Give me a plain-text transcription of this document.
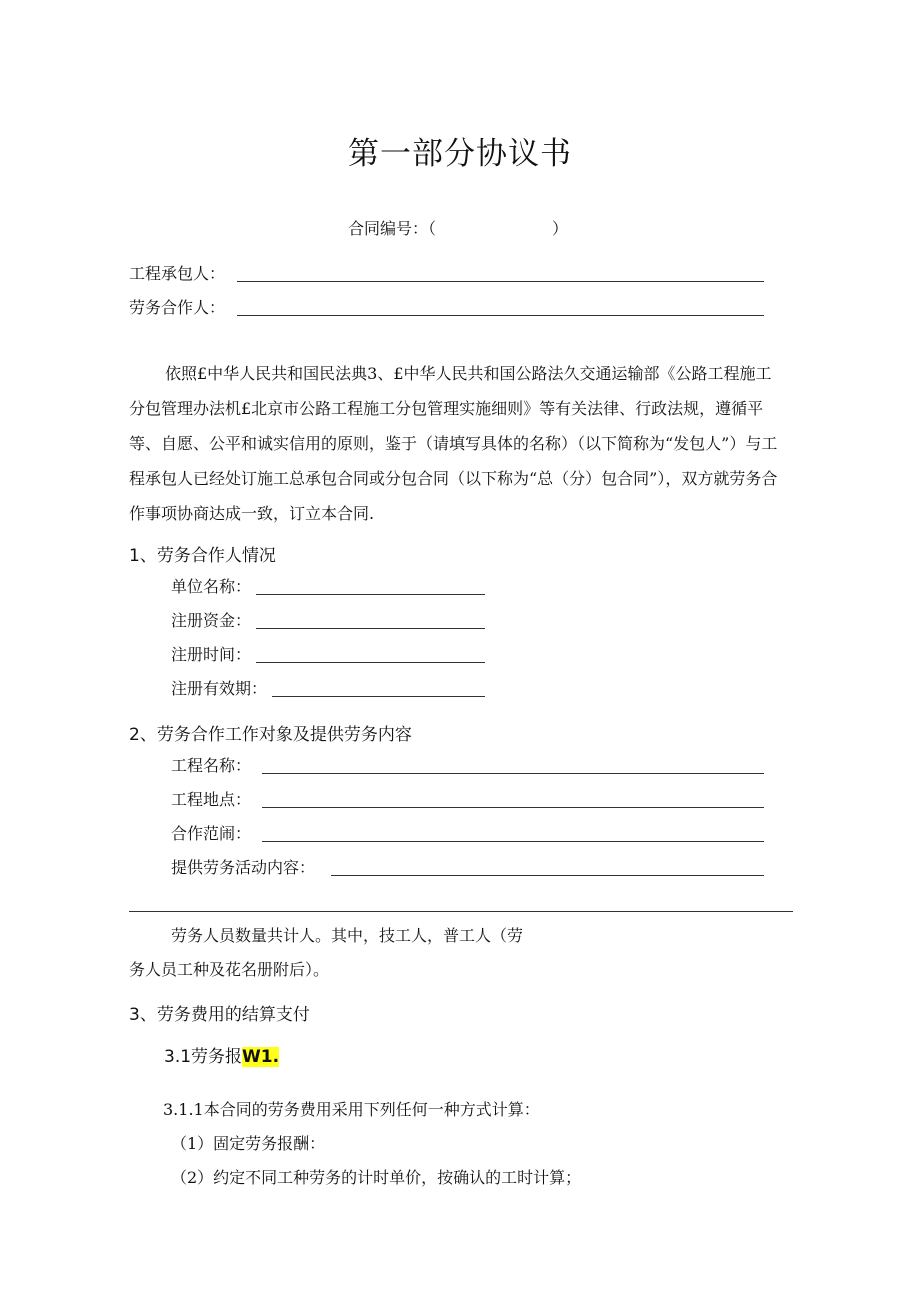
第一部分协议书
合同编号：（	）
工程承包人：
劳务合作人：
依照£中华人民共和国民法典3、£中华人民共和国公路法久交通运输部《公路工程施工分包管理办法机£北京市公路工程施工分包管理实施细则》等有关法律、行政法规，遵循平等、自愿、公平和诚实信用的原则，鉴于（请填写具体的名称）（以下简称为“发包人”）与工程承包人已经处订施工总承包合同或分包合同（以下称为“总（分）包合同”），双方就劳务合作事项协商达成一致，订立本合同.
1、劳务合作人情况
单位名称：
注册资金：
注册时间：
注册有效期：
2、劳务合作工作对象及提供劳务内容
工程名称：
工程地点：
合作范闹：
提供劳务活动内容：
劳务人员数量共计人。其中，技工人，普工人（劳
务人员工种及花名册附后）。
3、劳务费用的结算支付
3.1劳务报W1.
3.1.1本合同的劳务费用采用下列任何一种方式计算：
（1）固定劳务报酬：
（2）约定不同工种劳务的计时单价，按确认的工时计算；
